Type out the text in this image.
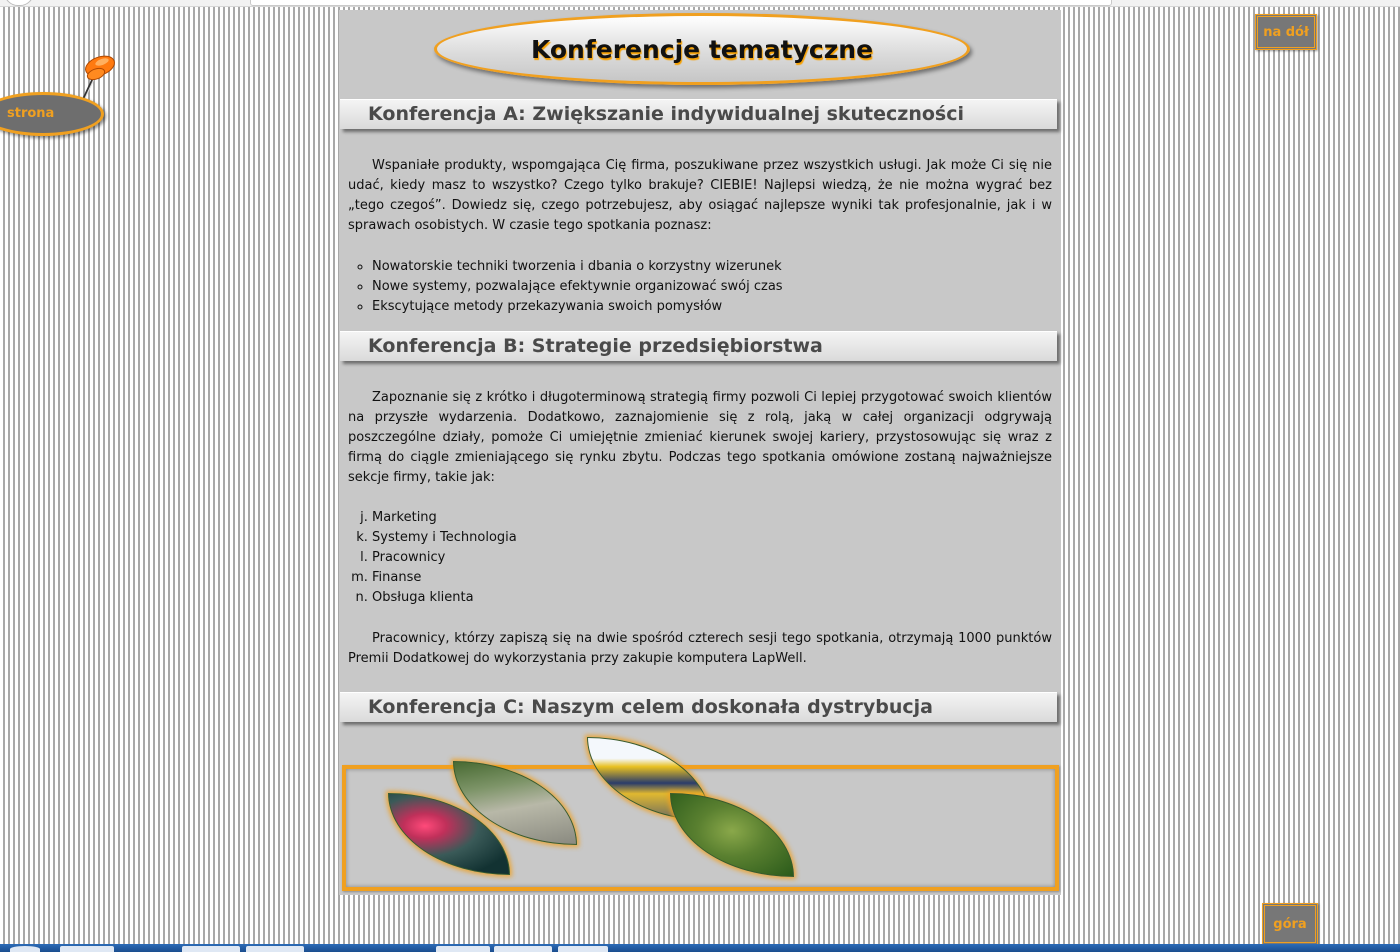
strona
na dół
góra
Konferencje tematyczne
Konferencja A: Zwiększanie indywidualnej skuteczności

Wspaniałe produkty, wspomgająca Cię firma, poszukiwane przez wszystkich usługi. Jak może Ci się nie udać, kiedy masz to wszystko? Czego tylko brakuje? CIEBIE! Najlepsi wiedzą, że nie można wygrać bez „tego czegoś”. Dowiedz się, czego potrzebujesz, aby osiągać najlepsze wyniki tak profesjonalnie, jak i w sprawach osobistych. W czasie tego spotkania poznasz:

◦ Nowatorskie techniki tworzenia i dbania o korzystny wizerunek
◦ Nowe systemy, pozwalające efektywnie organizować swój czas
◦ Ekscytujące metody przekazywania swoich pomysłów
Konferencja B: Strategie przedsiębiorstwa

Zapoznanie się z krótko i długoterminową strategią firmy pozwoli Ci lepiej przygotować swoich klientów na przyszłe wydarzenia. Dodatkowo, zaznajomienie się z rolą, jaką w całej organizacji odgrywają poszczególne działy, pomoże Ci umiejętnie zmieniać kierunek swojej kariery, przystosowując się wraz z firmą do ciągle zmieniającego się rynku zbytu. Podczas tego spotkania omówione zostaną najważniejsze sekcje firmy, takie jak:

j. Marketing
k. Systemy i Technologia
l. Pracownicy
m. Finanse
n. Obsługa klienta

Pracownicy, którzy zapiszą się na dwie spośród czterech sesji tego spotkania, otrzymają 1000 punktów Premii Dodatkowej do wykorzystania przy zakupie komputera LapWell.

Konferencja C: Naszym celem doskonała dystrybucja
